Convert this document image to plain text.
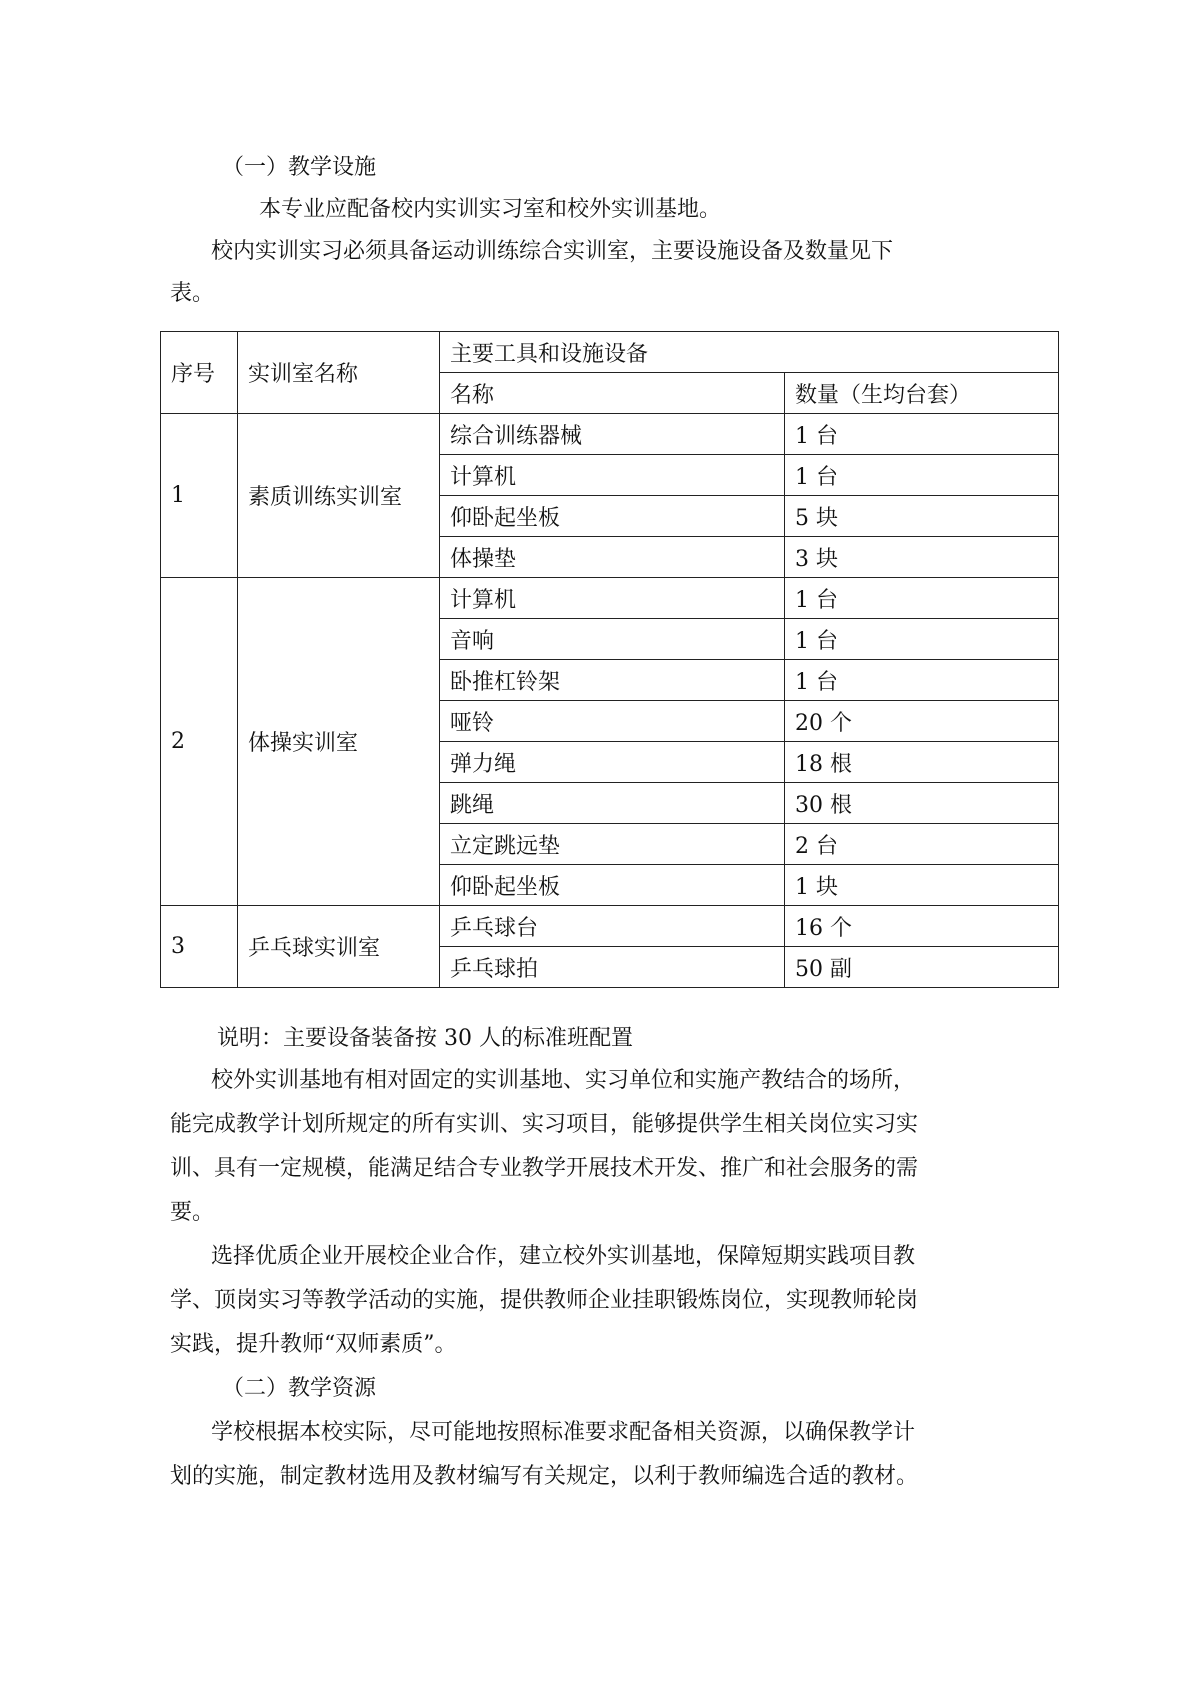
（一）教学设施
本专业应配备校内实训实习室和校外实训基地。
校内实训实习必须具备运动训练综合实训室，主要设施设备及数量见下
表。
序号	实训室名称	主要工具和设施设备	
		名称	数量（生均台套）
1	素质训练实训室	综合训练器械	1 台
		计算机	1 台
		仰卧起坐板	5 块
		体操垫	3 块
2	体操实训室	计算机	1 台
		音响	1 台
		卧推杠铃架	1 台
		哑铃	20 个
		弹力绳	18 根
		跳绳	30 根
		立定跳远垫	2 台
		仰卧起坐板	1 块
3	乒乓球实训室	乒乓球台	16 个
		乒乓球拍	50 副
说明：主要设备装备按 30 人的标准班配置
校外实训基地有相对固定的实训基地、实习单位和实施产教结合的场所，
能完成教学计划所规定的所有实训、实习项目，能够提供学生相关岗位实习实
训、具有一定规模，能满足结合专业教学开展技术开发、推广和社会服务的需
要。
选择优质企业开展校企业合作，建立校外实训基地，保障短期实践项目教
学、顶岗实习等教学活动的实施，提供教师企业挂职锻炼岗位，实现教师轮岗
实践，提升教师“双师素质”。
（二）教学资源
学校根据本校实际，尽可能地按照标准要求配备相关资源，以确保教学计
划的实施，制定教材选用及教材编写有关规定，以利于教师编选合适的教材。
